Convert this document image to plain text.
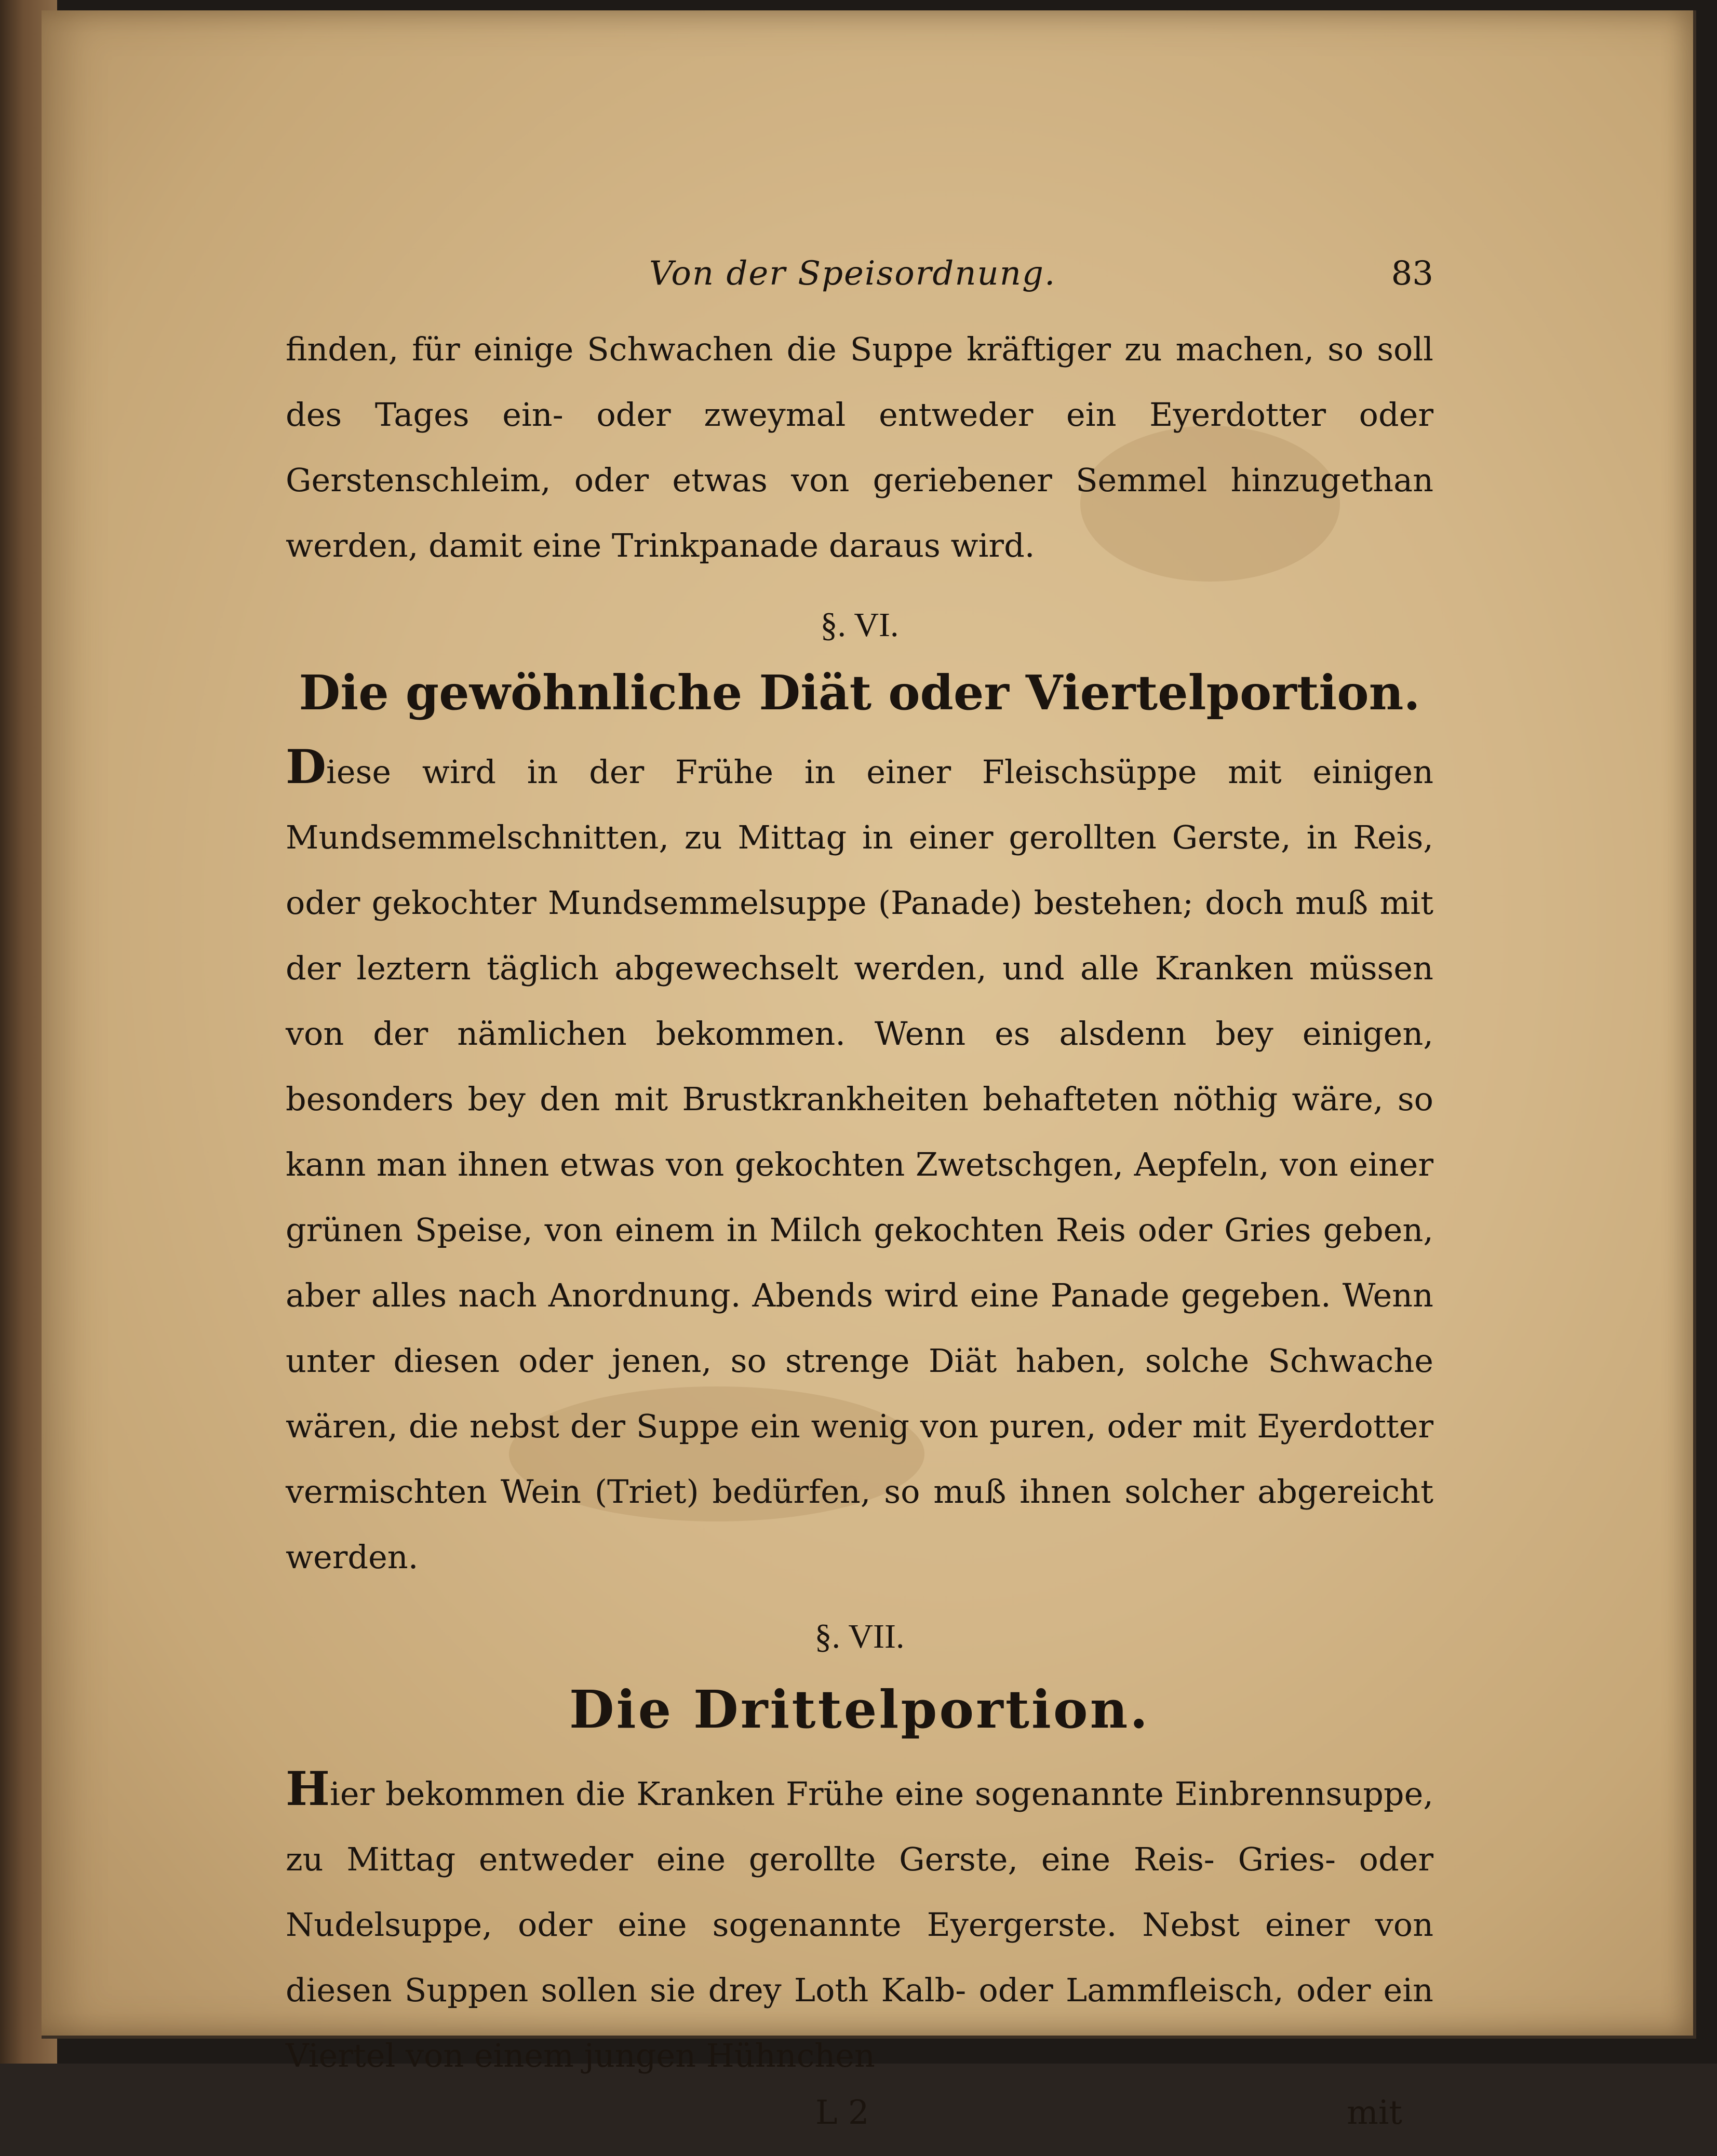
Von der Speisordnung.	83

finden, für einige Schwachen die Suppe kräftiger zu machen, so soll des Tages ein- oder zweymal entweder ein Eyerdotter oder Gerstenschleim, oder etwas von geriebener Semmel hinzugethan werden, damit eine Trinkpanade daraus wird.

§. VI.
Die gewöhnliche Diät oder Viertelportion.

Diese wird in der Frühe in einer Fleischsüppe mit einigen Mundsemmelschnitten, zu Mittag in einer gerollten Gerste, in Reis, oder gekochter Mundsemmelsuppe (Panade) bestehen; doch muß mit der leztern täglich abgewechselt werden, und alle Kranken müssen von der nämlichen bekommen. Wenn es alsdenn bey einigen, besonders bey den mit Brustkrankheiten behafteten nöthig wäre, so kann man ihnen etwas von gekochten Zwetschgen, Aepfeln, von einer grünen Speise, von einem in Milch gekochten Reis oder Gries geben, aber alles nach Anordnung. Abends wird eine Panade gegeben. Wenn unter diesen oder jenen, so strenge Diät haben, solche Schwache wären, die nebst der Suppe ein wenig von puren, oder mit Eyerdotter vermischten Wein (Triet) bedürfen, so muß ihnen solcher abgereicht werden.

§. VII.
Die Drittelportion.

Hier bekommen die Kranken Frühe eine sogenannte Einbrennsuppe, zu Mittag entweder eine gerollte Gerste, eine Reis- Gries- oder Nudelsuppe, oder eine sogenannte Eyergerste. Nebst einer von diesen Suppen sollen sie drey Loth Kalb- oder Lammfleisch, oder ein Viertel von einem jungen Hühnchen

L 2	mit
